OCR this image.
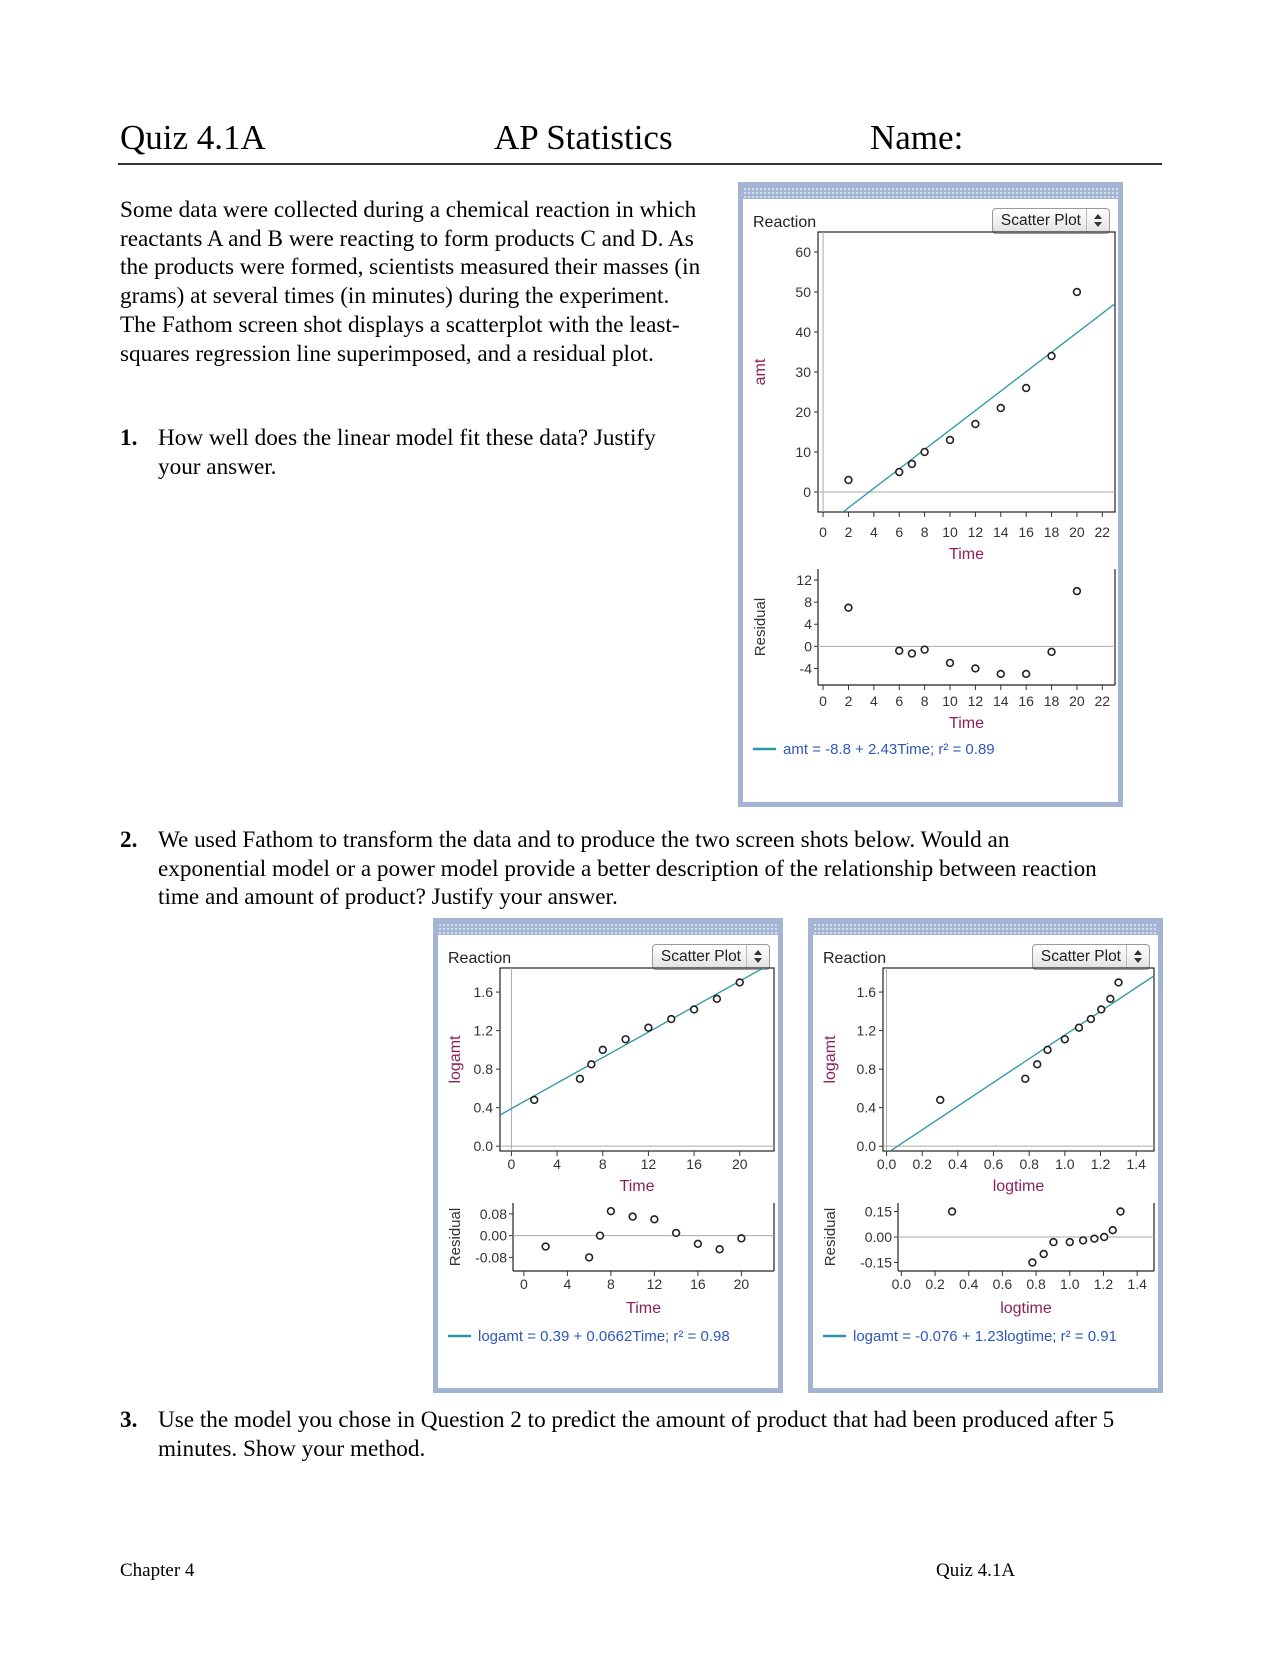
Quiz 4.1A	AP Statistics	Name:
Some data were collected during a chemical reaction in which reactants A and B were reacting to form products C and D. As the products were formed, scientists measured their masses (in grams) at several times (in minutes) during the experiment. The Fathom screen shot displays a scatterplot with the least-squares regression line superimposed, and a residual plot.
1. How well does the linear model fit these data? Justify your answer.
2. We used Fathom to transform the data and to produce the two screen shots below. Would an exponential model or a power model provide a better description of the relationship between reaction time and amount of product? Justify your answer.
3. Use the model you chose in Question 2 to predict the amount of product that had been produced after 5 minutes. Show your method.
Reaction	Scatter Plot
0
10
20
30
40
50
60
0 2 4 6 8 10 12 14 16 18 20 22
Time
amt
-4
0
4
8
12
0 2 4 6 8 10 12 14 16 18 20 22
Time
Residual
amt = -8.8 + 2.43Time; r² = 0.89
Reaction	Scatter Plot
0.0
0.4
0.8
1.2
1.6
0	4	8 12 16 20
Time
logamt
-0.08
0.00
0.08
0	4	8 12 16 20
Time
Residual
logamt = 0.39 + 0.0662Time; r² = 0.98
Reaction	Scatter Plot
0.0
0.4
0.8
1.2
1.6
0.0 0.2 0.4 0.6 0.8 1.0 1.2 1.4
logtime
logamt
-0.15
0.00
0.15
0.0 0.2 0.4 0.6 0.8 1.0 1.2 1.4
logtime
Residual
logamt = -0.076 + 1.23logtime; r² = 0.91
Chapter 4	Quiz 4.1A
